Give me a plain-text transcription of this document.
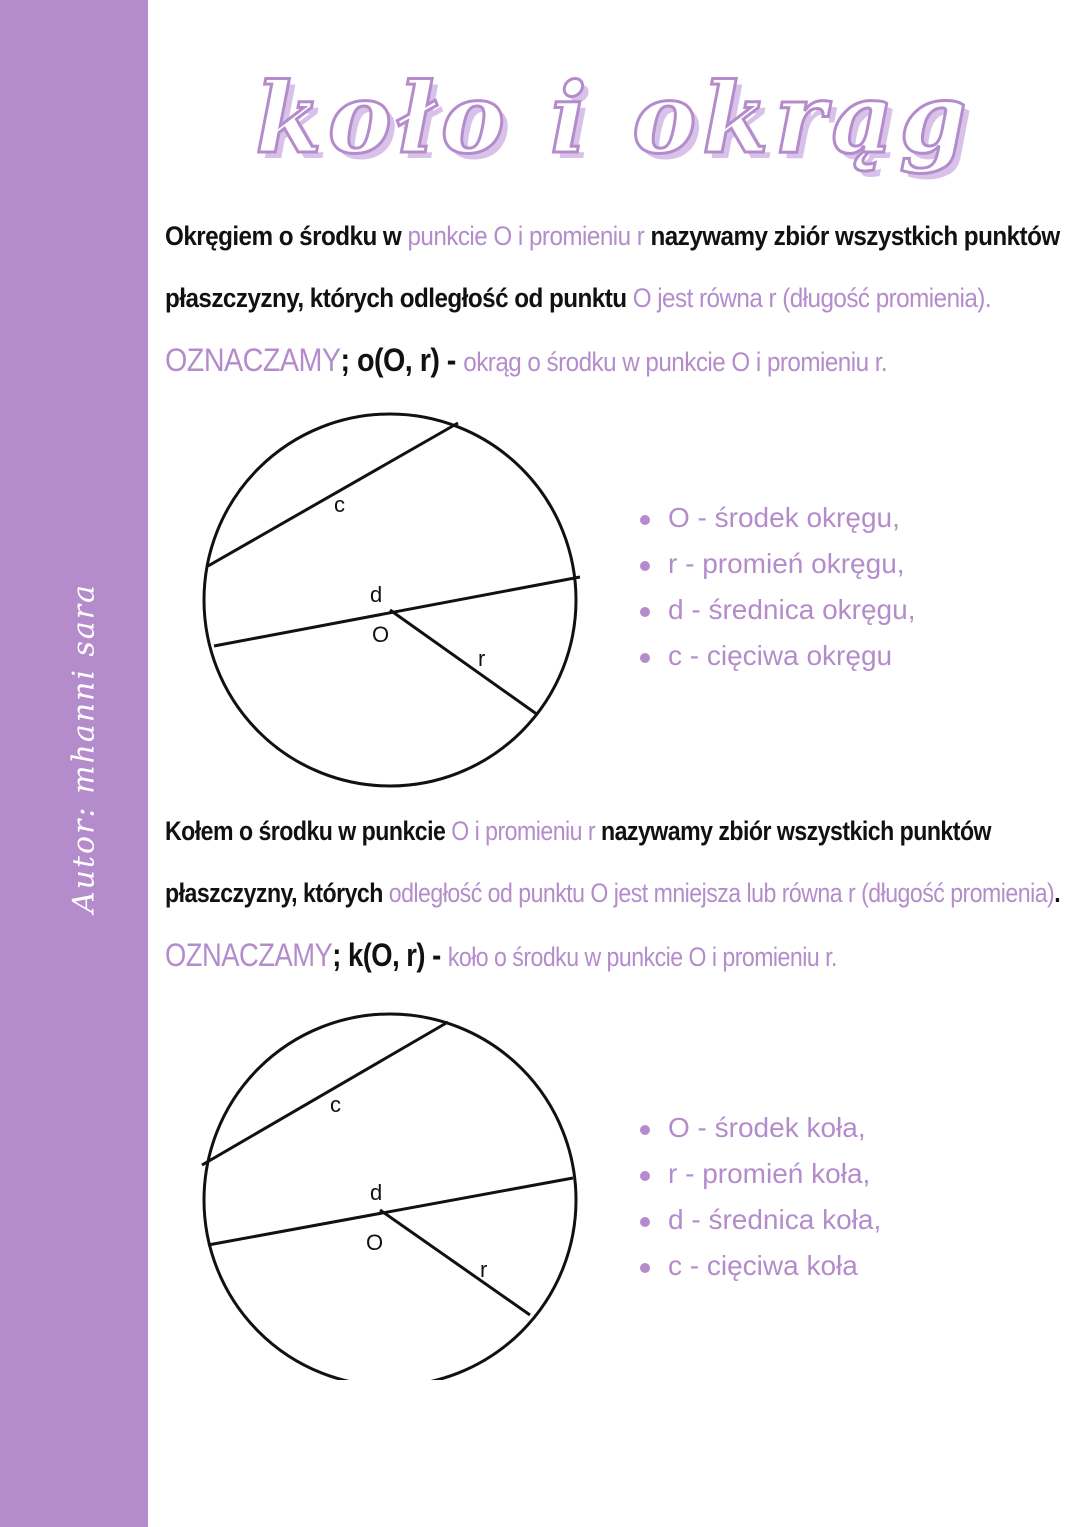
Autor: mhanni sara
koło i okrąg
Okręgiem o środku w punkcie O i promieniu r nazywamy zbiór wszystkich punktów
płaszczyzny, których odległość od punktu O jest równa r (długość promienia).
OZNACZAMY; o(O, r) - okrąg o środku w punkcie O i promieniu r.
c
d
O
r
O - środek okręgu,
r - promień okręgu,
d - średnica okręgu,
c - cięciwa okręgu
Kołem o środku w punkcie O i promieniu r nazywamy zbiór wszystkich punktów
płaszczyzny, których odległość od punktu O jest mniejsza lub równa r (długość promienia).
OZNACZAMY; k(O, r) - koło o środku w punkcie O i promieniu r.
c
d
O
r
O - środek koła,
r - promień koła,
d - średnica koła,
c - cięciwa koła
